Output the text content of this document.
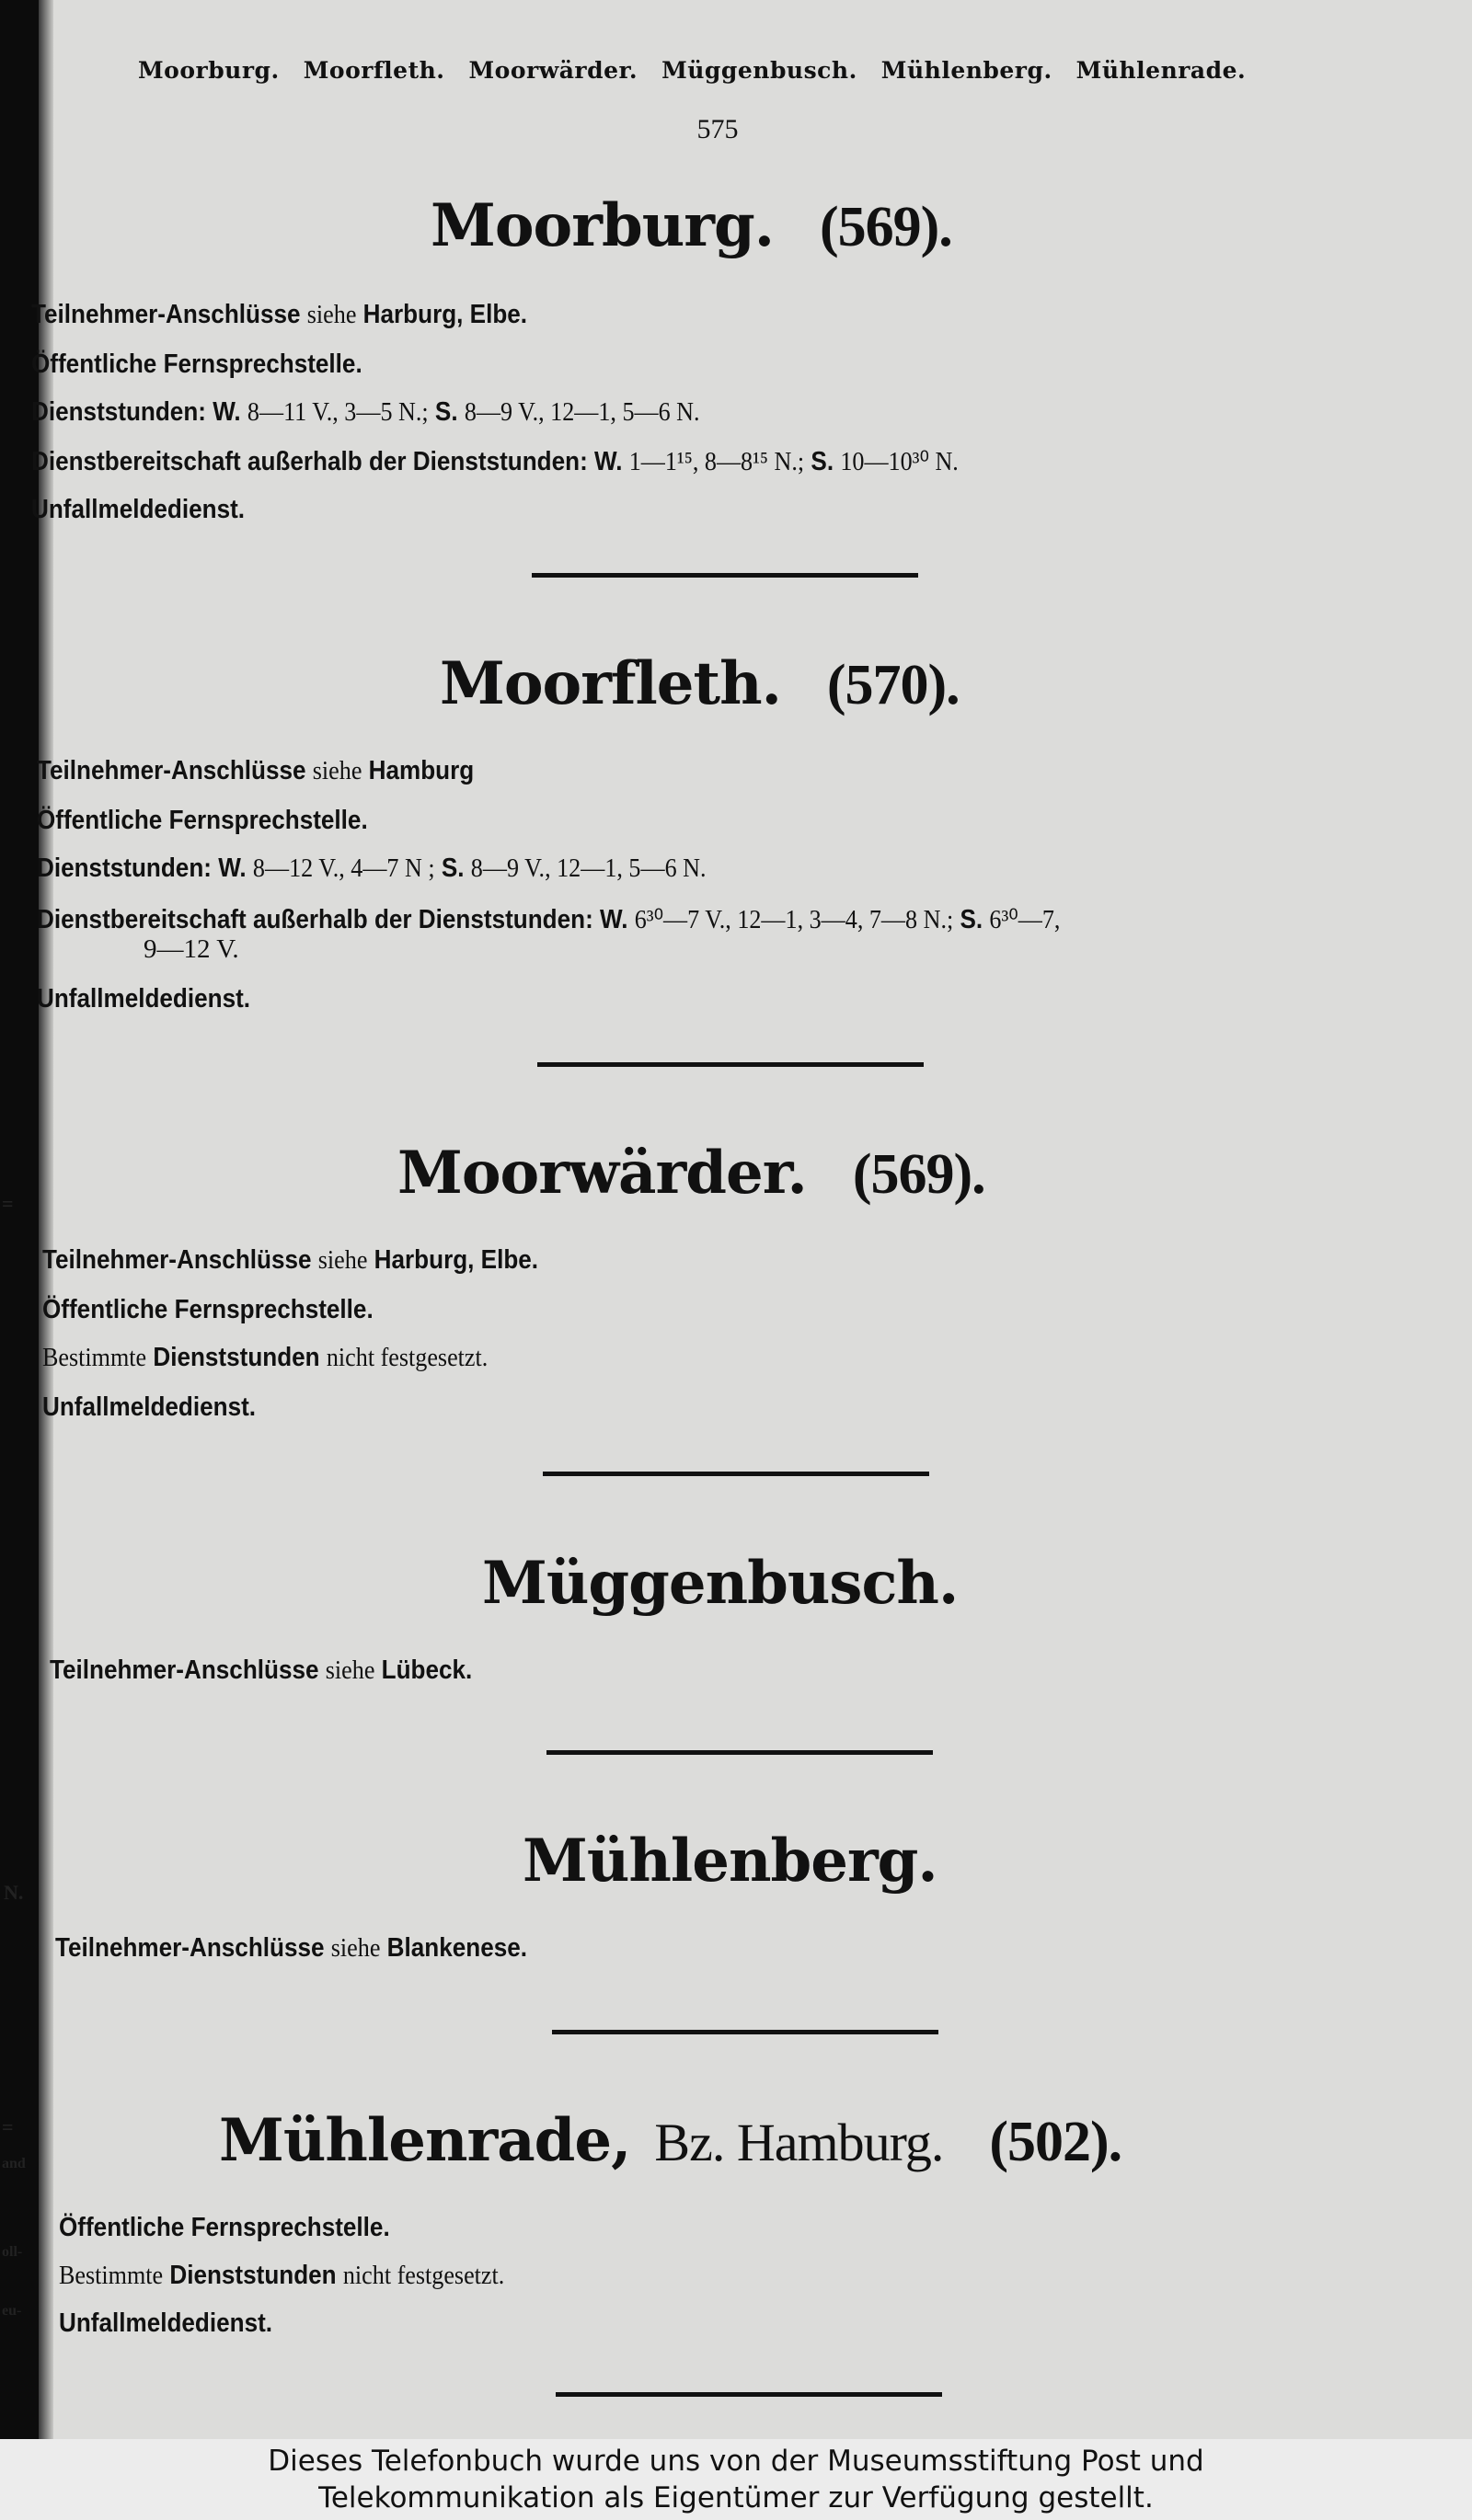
=
N.
=
and
oll-
eu-
Moorburg. Moorfleth. Moorwärder. Müggenbusch. Mühlenberg. Mühlenrade.
575
Moorburg. (569).
Teilnehmer-Anschlüsse siehe Harburg, Elbe.
Öffentliche Fernsprechstelle.
Dienststunden: W. 8—11 V., 3—5 N.; S. 8—9 V., 12—1, 5—6 N.
Dienstbereitschaft außerhalb der Dienststunden: W. 1—1¹⁵, 8—8¹⁵ N.; S. 10—10³⁰ N.
Unfallmeldedienst.
Moorfleth. (570).
Teilnehmer-Anschlüsse siehe Hamburg
Öffentliche Fernsprechstelle.
Dienststunden: W. 8—12 V., 4—7 N ; S. 8—9 V., 12—1, 5—6 N.
Dienstbereitschaft außerhalb der Dienststunden: W. 6³⁰—7 V., 12—1, 3—4, 7—8 N.; S. 6³⁰—7,
9—12 V.
Unfallmeldedienst.
Moorwärder. (569).
Teilnehmer-Anschlüsse siehe Harburg, Elbe.
Öffentliche Fernsprechstelle.
Bestimmte Dienststunden nicht festgesetzt.
Unfallmeldedienst.
Müggenbusch.
Teilnehmer-Anschlüsse siehe Lübeck.
Mühlenberg.
Teilnehmer-Anschlüsse siehe Blankenese.
Mühlenrade, Bz. Hamburg. (502).
Öffentliche Fernsprechstelle.
Bestimmte Dienststunden nicht festgesetzt.
Unfallmeldedienst.
Dieses Telefonbuch wurde uns von der Museumsstiftung Post und
Telekommunikation als Eigentümer zur Verfügung gestellt.
